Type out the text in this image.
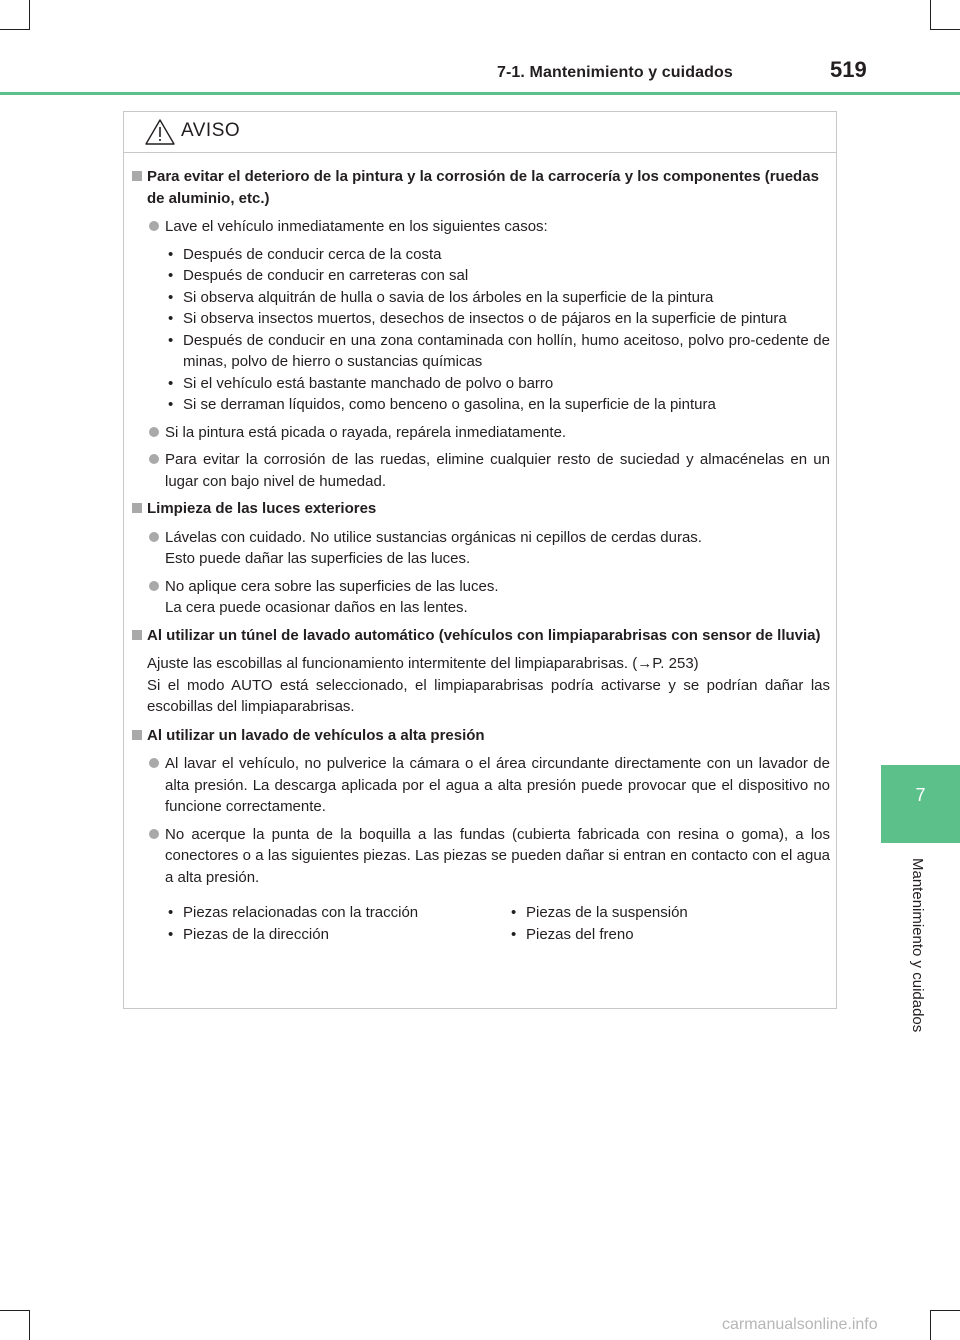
7-1. Mantenimiento y cuidados	519
7
Mantenimiento y cuidados
AVISO
Para evitar el deterioro de la pintura y la corrosión de la carrocería y los componentes (ruedas de aluminio, etc.)
Lave el vehículo inmediatamente en los siguientes casos:
• Después de conducir cerca de la costa
• Después de conducir en carreteras con sal
• Si observa alquitrán de hulla o savia de los árboles en la superficie de la pintura
• Si observa insectos muertos, desechos de insectos o de pájaros en la superficie de pintura
• Después de conducir en una zona contaminada con hollín, humo aceitoso, polvo pro-cedente de minas, polvo de hierro o sustancias químicas
• Si el vehículo está bastante manchado de polvo o barro
• Si se derraman líquidos, como benceno o gasolina, en la superficie de la pintura
Si la pintura está picada o rayada, repárela inmediatamente.
Para evitar la corrosión de las ruedas, elimine cualquier resto de suciedad y almacénelas en un lugar con bajo nivel de humedad.
Limpieza de las luces exteriores
Lávelas con cuidado. No utilice sustancias orgánicas ni cepillos de cerdas duras.
Esto puede dañar las superficies de las luces.
No aplique cera sobre las superficies de las luces.
La cera puede ocasionar daños en las lentes.
Al utilizar un túnel de lavado automático (vehículos con limpiaparabrisas con sensor de lluvia)
Ajuste las escobillas al funcionamiento intermitente del limpiaparabrisas. (→P. 253)
Si el modo AUTO está seleccionado, el limpiaparabrisas podría activarse y se podrían dañar las escobillas del limpiaparabrisas.
Al utilizar un lavado de vehículos a alta presión
Al lavar el vehículo, no pulverice la cámara o el área circundante directamente con un lavador de alta presión. La descarga aplicada por el agua a alta presión puede provocar que el dispositivo no funcione correctamente.
No acerque la punta de la boquilla a las fundas (cubierta fabricada con resina o goma), a los conectores o a las siguientes piezas. Las piezas se pueden dañar si entran en contacto con el agua a alta presión.
• Piezas relacionadas con la tracción
• Piezas de la dirección
• Piezas de la suspensión
• Piezas del freno
carmanualsonline.info
